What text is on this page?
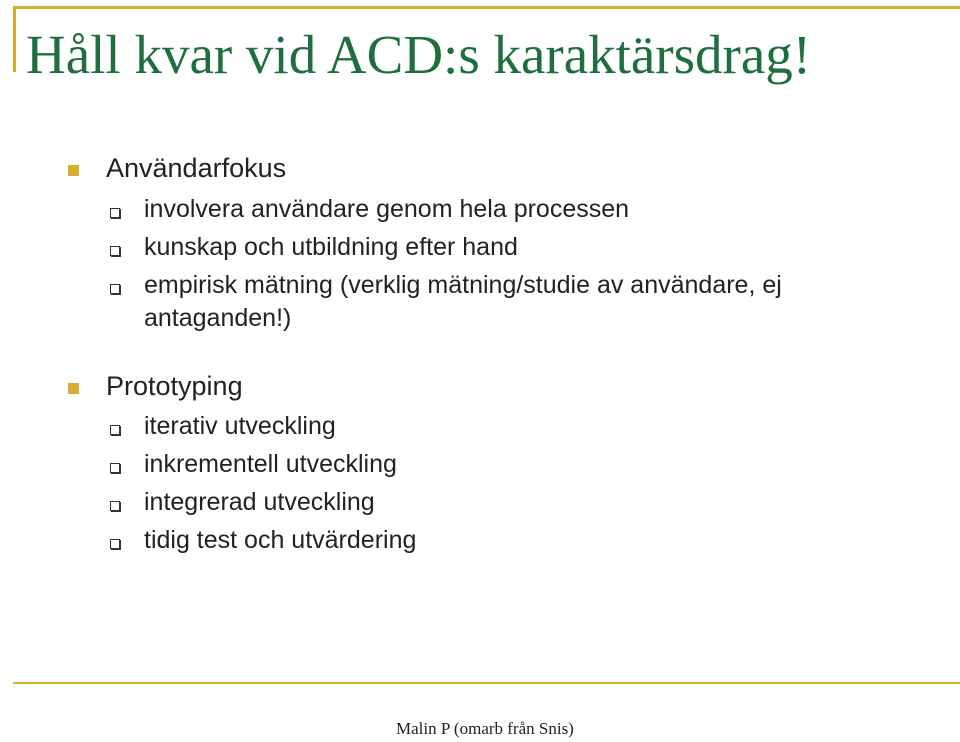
Håll kvar vid ACD:s karaktärsdrag!
Användarfokus
involvera användare genom hela processen
kunskap och utbildning efter hand
empirisk mätning (verklig mätning/studie av användare, ej antaganden!)
Prototyping
iterativ utveckling
inkrementell utveckling
integrerad utveckling
tidig test och utvärdering
Malin P (omarb från Snis)
